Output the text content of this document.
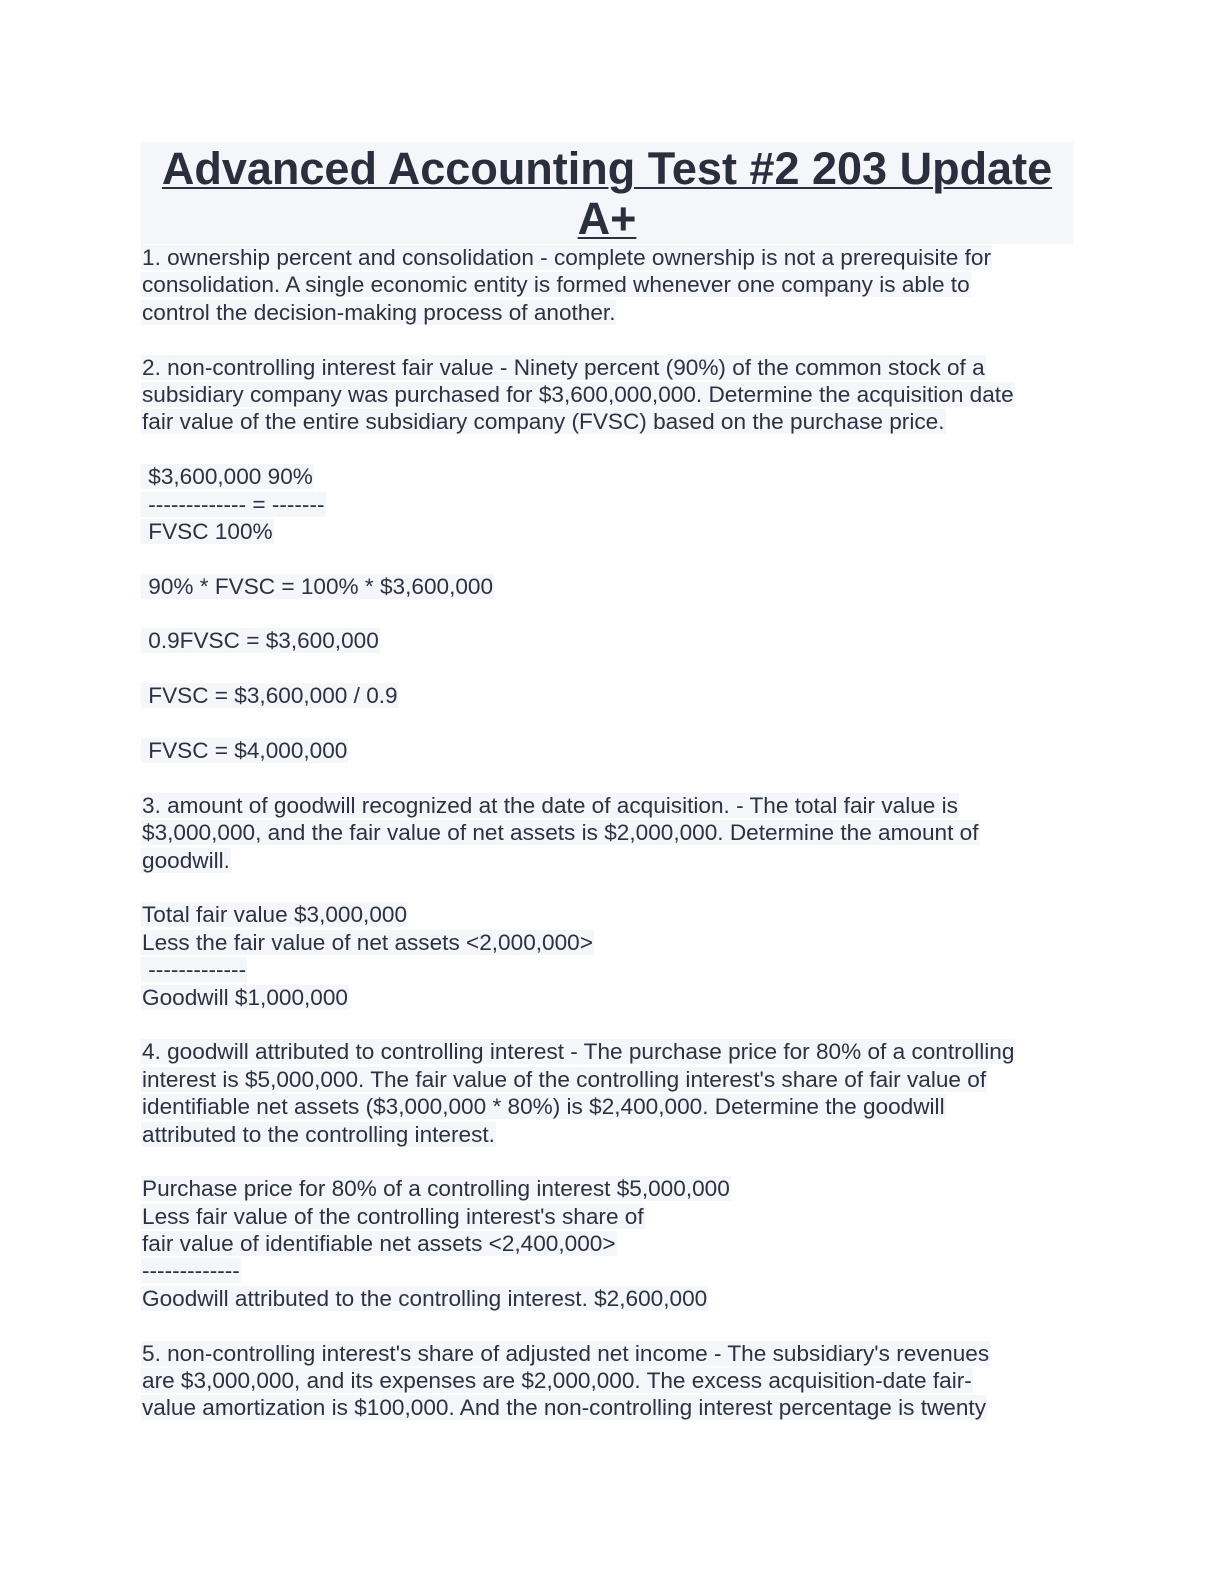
Advanced Accounting Test #2 203 Update A+
1. ownership percent and consolidation - complete ownership is not a prerequisite for
consolidation. A single economic entity is formed whenever one company is able to
control the decision-making process of another.
2. non-controlling interest fair value - Ninety percent (90%) of the common stock of a
subsidiary company was purchased for $3,600,000,000. Determine the acquisition date
fair value of the entire subsidiary company (FVSC) based on the purchase price.
$3,600,000 90%
------------- = -------
FVSC 100%
90% * FVSC = 100% * $3,600,000
0.9FVSC = $3,600,000
FVSC = $3,600,000 / 0.9
FVSC = $4,000,000
3. amount of goodwill recognized at the date of acquisition. - The total fair value is
$3,000,000, and the fair value of net assets is $2,000,000. Determine the amount of
goodwill.
Total fair value $3,000,000
Less the fair value of net assets <2,000,000>
-------------
Goodwill $1,000,000
4. goodwill attributed to controlling interest - The purchase price for 80% of a controlling
interest is $5,000,000. The fair value of the controlling interest's share of fair value of
identifiable net assets ($3,000,000 * 80%) is $2,400,000. Determine the goodwill
attributed to the controlling interest.
Purchase price for 80% of a controlling interest $5,000,000
Less fair value of the controlling interest's share of
fair value of identifiable net assets <2,400,000>
-------------
Goodwill attributed to the controlling interest. $2,600,000
5. non-controlling interest's share of adjusted net income - The subsidiary's revenues
are $3,000,000, and its expenses are $2,000,000. The excess acquisition-date fair-
value amortization is $100,000. And the non-controlling interest percentage is twenty
